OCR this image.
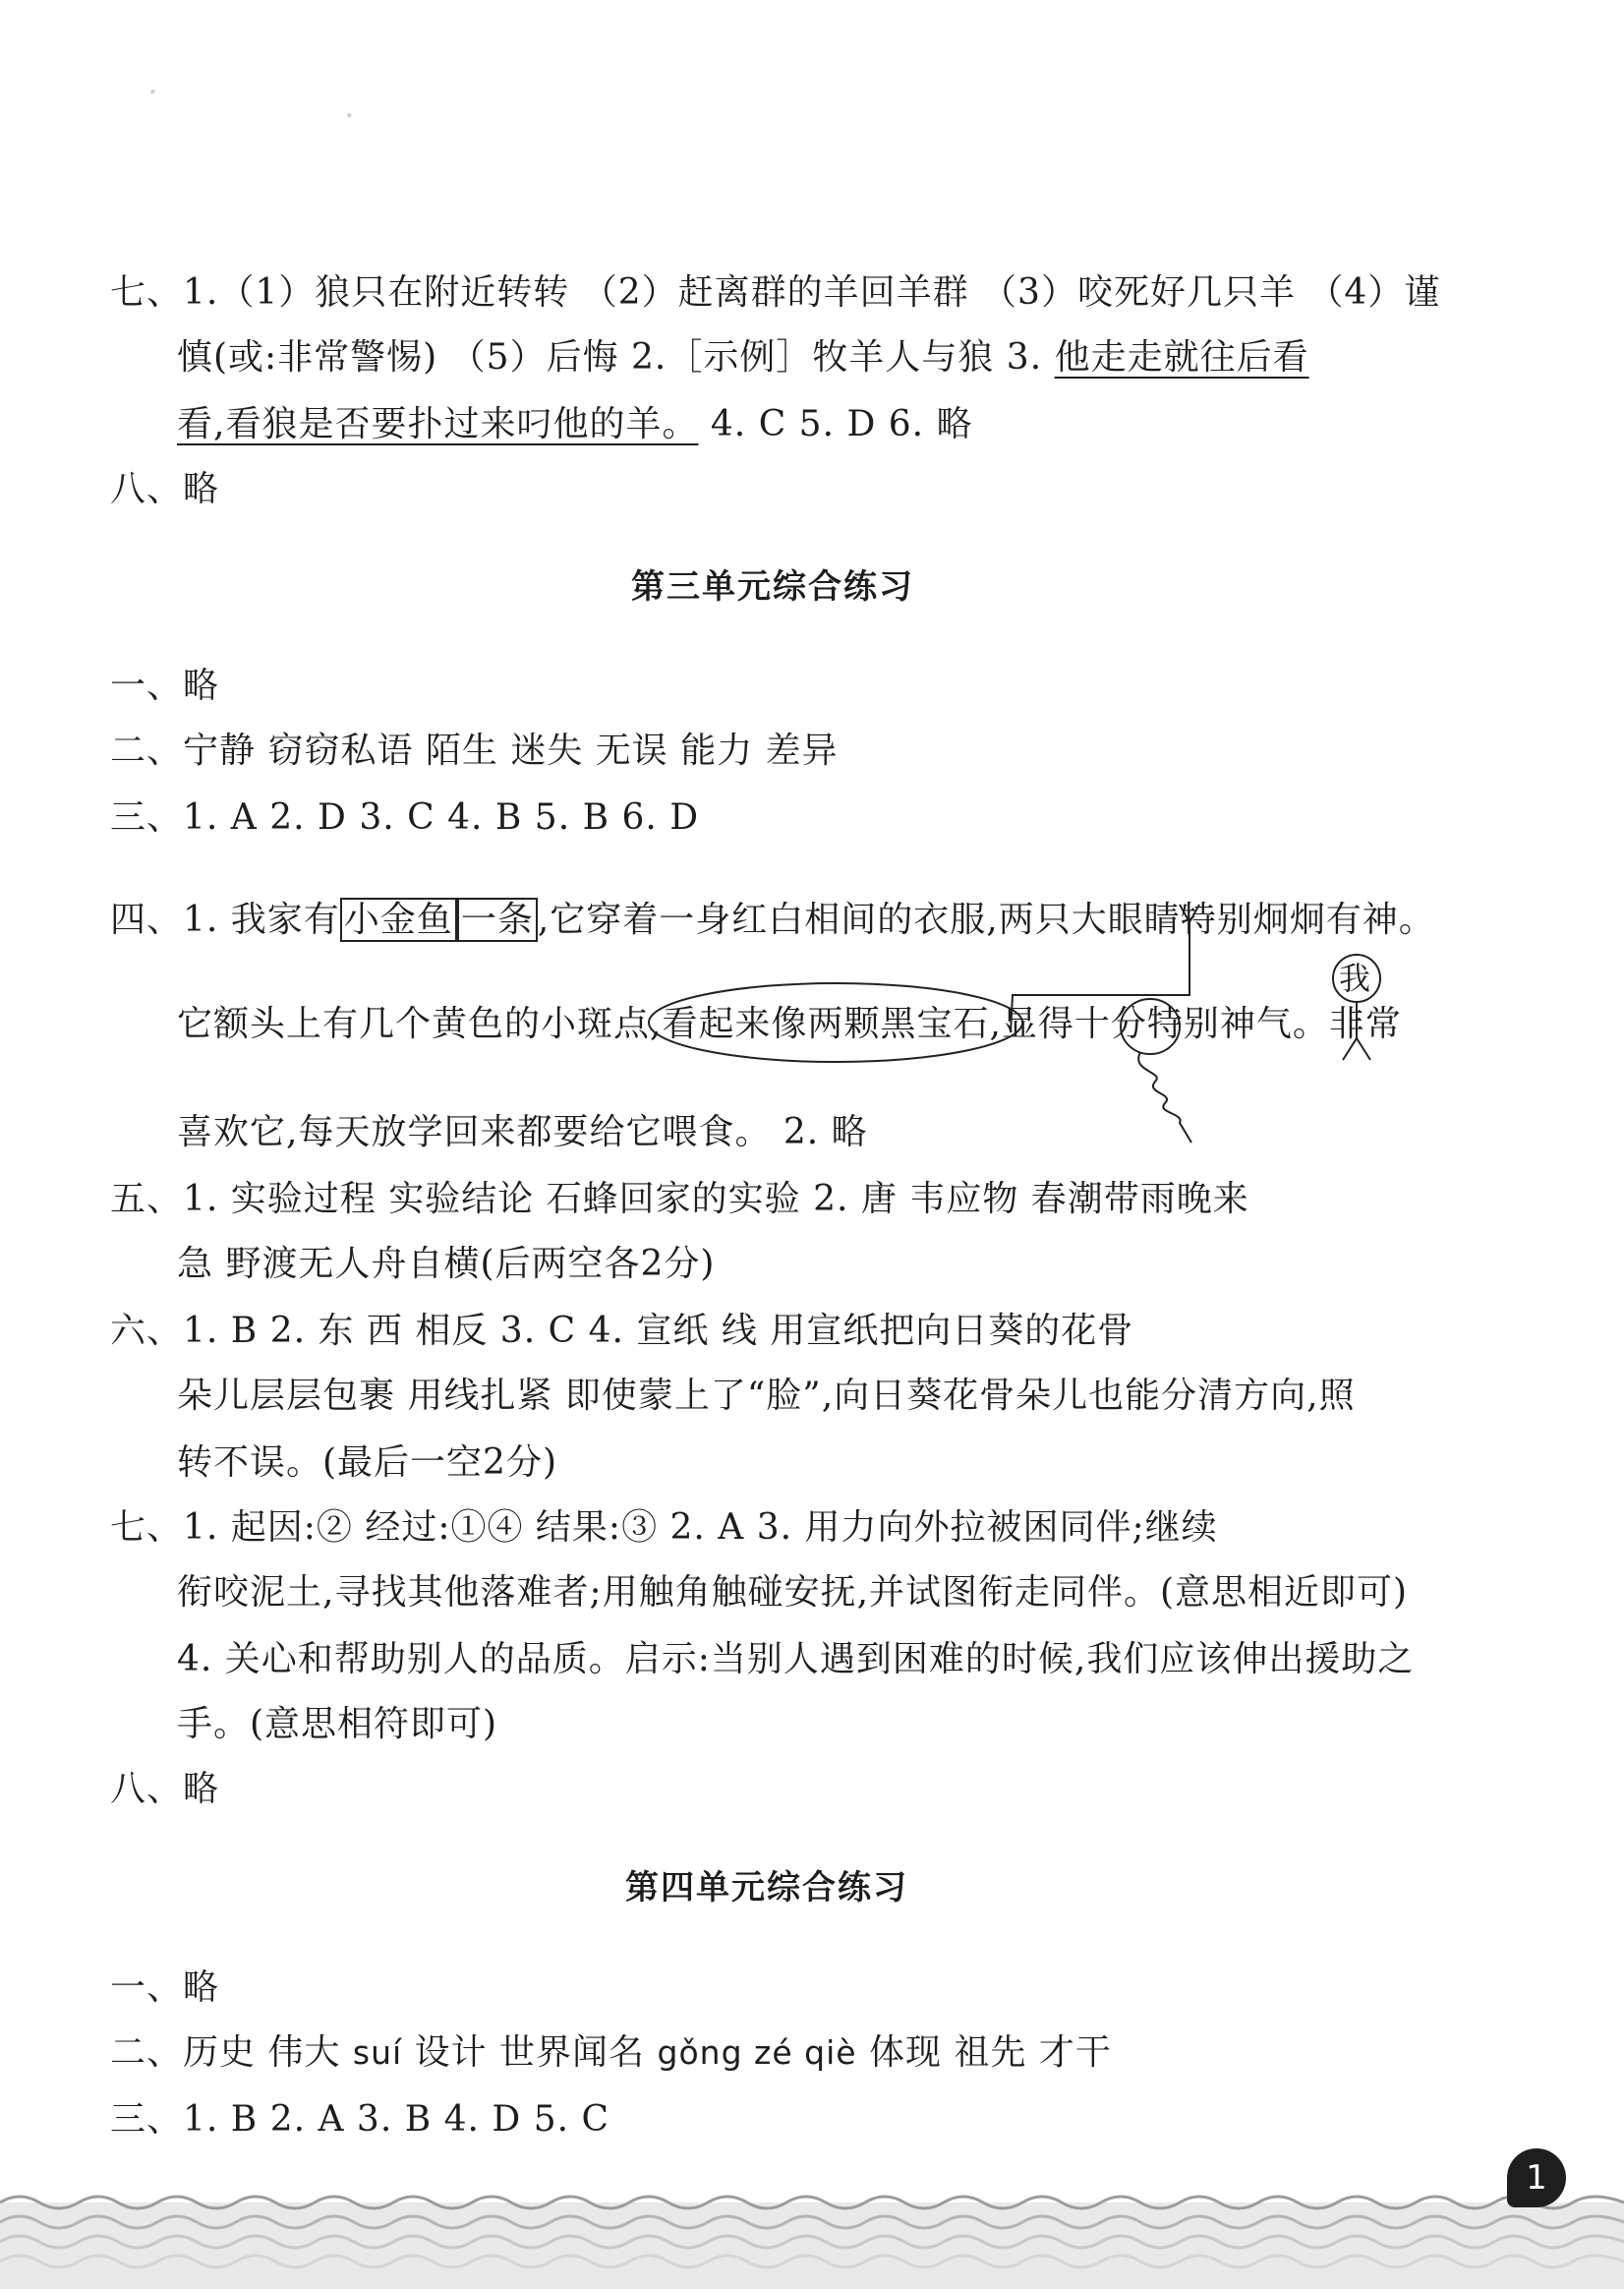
·
·
七、1.（1）狼只在附近转转 （2）赶离群的羊回羊群 （3）咬死好几只羊 （4）谨
慎(或:非常警惕) （5）后悔 2.［示例］牧羊人与狼 3. 他走走就往后看
看,看狼是否要扑过来叼他的羊。 4. C 5. D 6. 略
八、略
第三单元综合练习
一、略
二、宁静 窃窃私语 陌生 迷失 无误 能力 差异
三、1. A 2. D 3. C 4. B 5. B 6. D
四、1. 我家有 小金鱼 一条 ,它穿着一身红白相间的衣服,两只大眼睛特别炯炯有神。
它额头上有几个黄色的小斑点,看起来像两颗黑宝石,显得十分特别神气。非常
喜欢它,每天放学回来都要给它喂食。 2. 略
我
五、1. 实验过程 实验结论 石蜂回家的实验 2. 唐 韦应物 春潮带雨晚来
急 野渡无人舟自横(后两空各2分)
六、1. B 2. 东 西 相反 3. C 4. 宣纸 线 用宣纸把向日葵的花骨
朵儿层层包裹 用线扎紧 即使蒙上了“脸”,向日葵花骨朵儿也能分清方向,照
转不误。(最后一空2分)
七、1. 起因:② 经过:①④ 结果:③ 2. A 3. 用力向外拉被困同伴;继续
衔咬泥土,寻找其他落难者;用触角触碰安抚,并试图衔走同伴。(意思相近即可)
4. 关心和帮助别人的品质。启示:当别人遇到困难的时候,我们应该伸出援助之
手。(意思相符即可)
八、略
第四单元综合练习
一、略
二、历史 伟大 suí 设计 世界闻名 gǒng zé qiè 体现 祖先 才干
三、1. B 2. A 3. B 4. D 5. C
1
